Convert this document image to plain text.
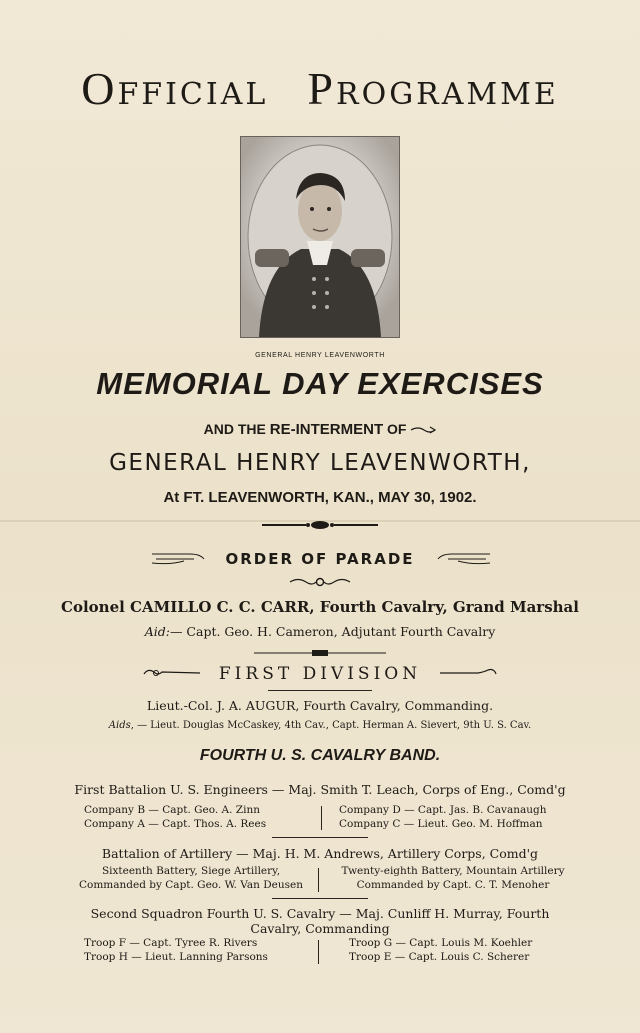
OFFICIAL PROGRAMME
GENERAL HENRY LEAVENWORTH
MEMORIAL DAY EXERCISES
AND THE RE-INTERMENT OF
GENERAL HENRY LEAVENWORTH,
At FT. LEAVENWORTH, KAN., MAY 30, 1902.
ORDER OF PARADE
Colonel CAMILLO C. C. CARR, Fourth Cavalry, Grand Marshal
Aid:— Capt. Geo. H. Cameron, Adjutant Fourth Cavalry
FIRST DIVISION
Lieut.-Col. J. A. AUGUR, Fourth Cavalry, Commanding.
Aids, — Lieut. Douglas McCaskey, 4th Cav., Capt. Herman A. Sievert, 9th U. S. Cav.
FOURTH U. S. CAVALRY BAND.
First Battalion U. S. Engineers — Maj. Smith T. Leach, Corps of Eng., Comd'g
Company B — Capt. Geo. A. Zinn
Company A — Capt. Thos. A. Rees
Company D — Capt. Jas. B. Cavanaugh
Company C — Lieut. Geo. M. Hoffman
Battalion of Artillery — Maj. H. M. Andrews, Artillery Corps, Comd'g
Sixteenth Battery, Siege Artillery,
Commanded by Capt. Geo. W. Van Deusen
Twenty-eighth Battery, Mountain Artillery
Commanded by Capt. C. T. Menoher
Second Squadron Fourth U. S. Cavalry — Maj. Cunliff H. Murray, Fourth
Cavalry, Commanding
Troop F — Capt. Tyree R. Rivers
Troop H — Lieut. Lanning Parsons
Troop G — Capt. Louis M. Koehler
Troop E — Capt. Louis C. Scherer
